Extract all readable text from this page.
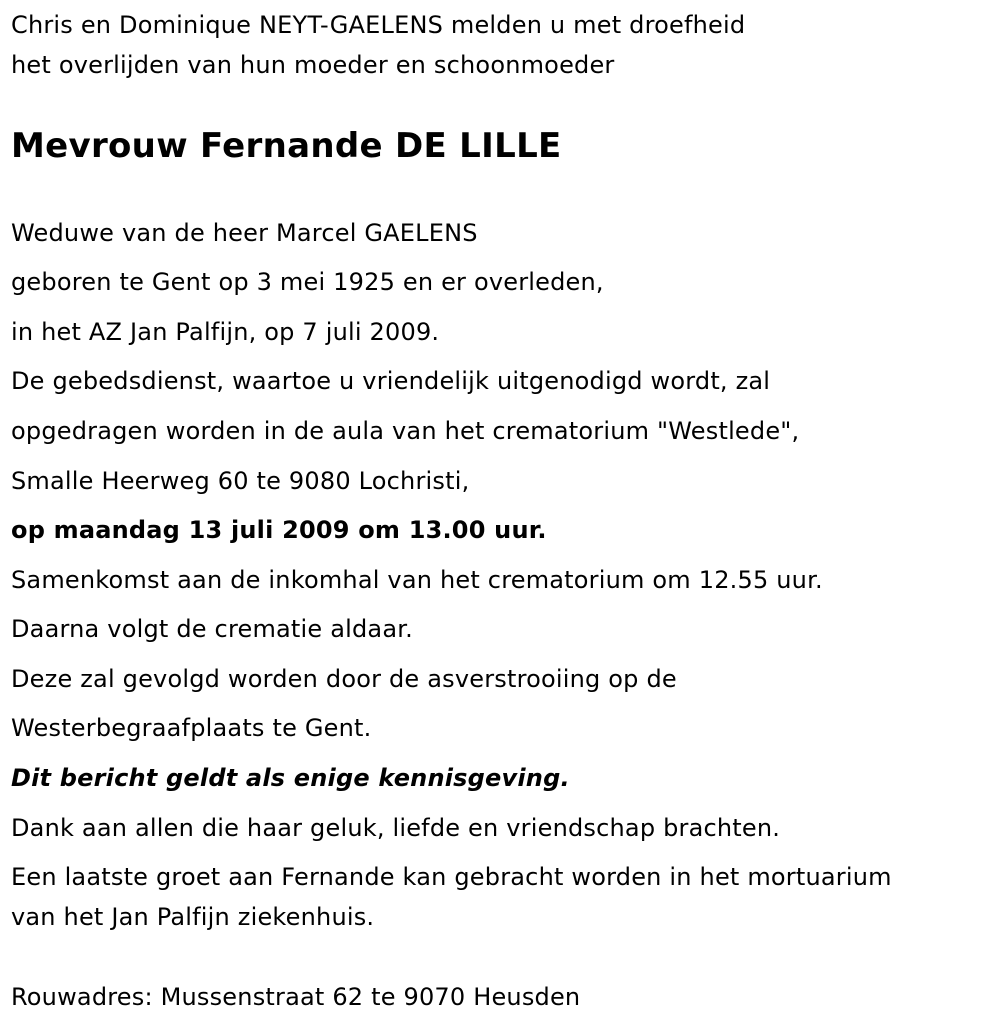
Chris en Dominique NEYT-GAELENS melden u met droefheid
het overlijden van hun moeder en schoonmoeder
Mevrouw Fernande DE LILLE
Weduwe van de heer Marcel GAELENS
geboren te Gent op 3 mei 1925 en er overleden,
in het AZ Jan Palfijn, op 7 juli 2009.
De gebedsdienst, waartoe u vriendelijk uitgenodigd wordt, zal
opgedragen worden in de aula van het crematorium "Westlede",
Smalle Heerweg 60 te 9080 Lochristi,
op maandag 13 juli 2009 om 13.00 uur.
Samenkomst aan de inkomhal van het crematorium om 12.55 uur.
Daarna volgt de crematie aldaar.
Deze zal gevolgd worden door de asverstrooiing op de
Westerbegraafplaats te Gent.
Dit bericht geldt als enige kennisgeving.
Dank aan allen die haar geluk, liefde en vriendschap brachten.
Een laatste groet aan Fernande kan gebracht worden in het mortuarium
van het Jan Palfijn ziekenhuis.
Rouwadres: Mussenstraat 62 te 9070 Heusden
